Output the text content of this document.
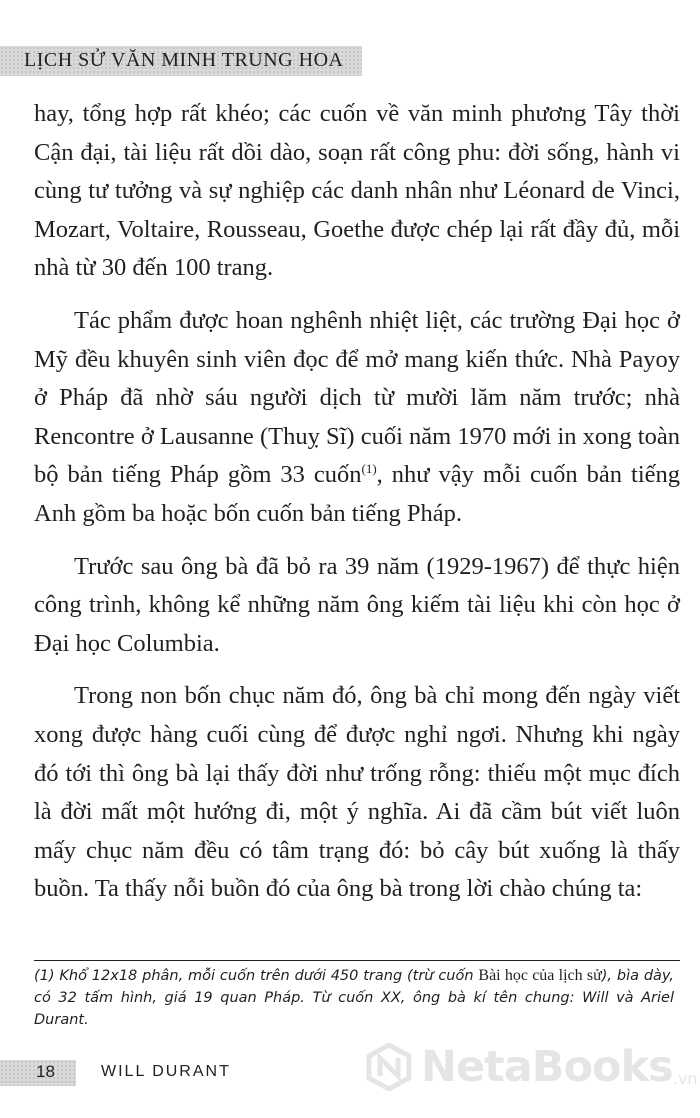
LỊCH SỬ VĂN MINH TRUNG HOA

hay, tổng hợp rất khéo; các cuốn về văn minh phương Tây thời Cận đại, tài liệu rất dồi dào, soạn rất công phu: đời sống, hành vi cùng tư tưởng và sự nghiệp các danh nhân như Léonard de Vinci, Mozart, Voltaire, Rousseau, Goethe được chép lại rất đầy đủ, mỗi nhà từ 30 đến 100 trang.

Tác phẩm được hoan nghênh nhiệt liệt, các trường Đại học ở Mỹ đều khuyên sinh viên đọc để mở mang kiến thức. Nhà Payoy ở Pháp đã nhờ sáu người dịch từ mười lăm năm trước; nhà Rencontre ở Lausanne (Thuỵ Sĩ) cuối năm 1970 mới in xong toàn bộ bản tiếng Pháp gồm 33 cuốn$^{(1)}$, như vậy mỗi cuốn bản tiếng Anh gồm ba hoặc bốn cuốn bản tiếng Pháp.

Trước sau ông bà đã bỏ ra 39 năm (1929-1967) để thực hiện công trình, không kể những năm ông kiếm tài liệu khi còn học ở Đại học Columbia.

Trong non bốn chục năm đó, ông bà chỉ mong đến ngày viết xong được hàng cuối cùng để được nghỉ ngơi. Nhưng khi ngày đó tới thì ông bà lại thấy đời như trống rỗng: thiếu một mục đích là đời mất một hướng đi, một ý nghĩa. Ai đã cầm bút viết luôn mấy chục năm đều có tâm trạng đó: bỏ cây bút xuống là thấy buồn. Ta thấy nỗi buồn đó của ông bà trong lời chào chúng ta:

(1) Khổ 12x18 phân, mỗi cuốn trên dưới 450 trang (trừ cuốn Bài học của lịch sử), bìa dày, có 32 tấm hình, giá 19 quan Pháp. Từ cuốn XX, ông bà kí tên chung: Will và Ariel Durant.
18	WILL DURANT	NetaBooks .vn
